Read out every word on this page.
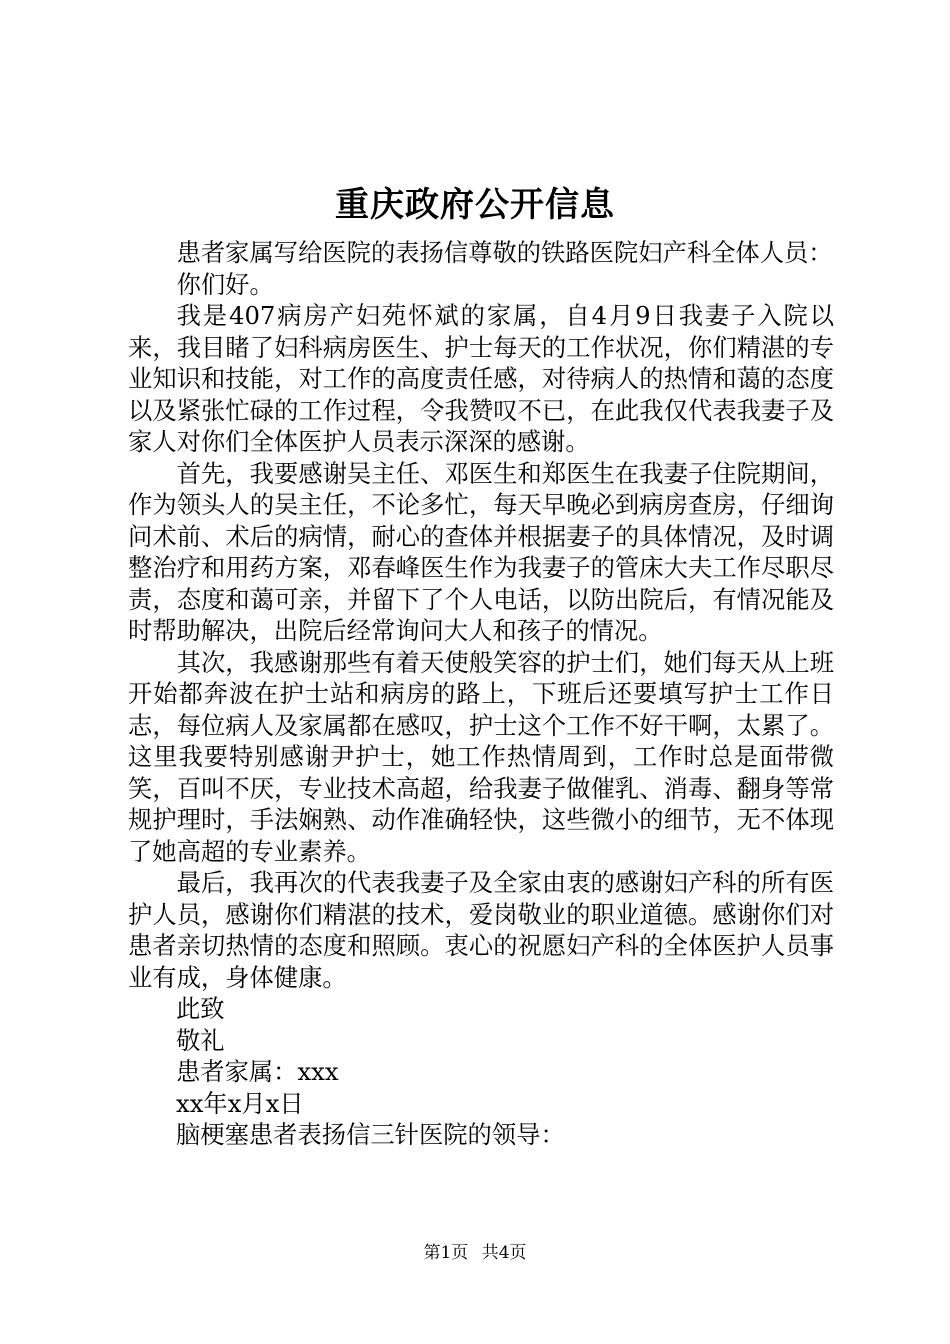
重庆政府公开信息

患者家属写给医院的表扬信尊敬的铁路医院妇产科全体人员：

你们好。

我是407病房产妇苑怀斌的家属，自4月9日我妻子入院以来，我目睹了妇科病房医生、护士每天的工作状况，你们精湛的专业知识和技能，对工作的高度责任感，对待病人的热情和蔼的态度以及紧张忙碌的工作过程，令我赞叹不已，在此我仅代表我妻子及家人对你们全体医护人员表示深深的感谢。

首先，我要感谢吴主任、邓医生和郑医生在我妻子住院期间，作为领头人的吴主任，不论多忙，每天早晚必到病房查房，仔细询问术前、术后的病情，耐心的查体并根据妻子的具体情况，及时调整治疗和用药方案，邓春峰医生作为我妻子的管床大夫工作尽职尽责，态度和蔼可亲，并留下了个人电话，以防出院后，有情况能及时帮助解决，出院后经常询问大人和孩子的情况。

其次，我感谢那些有着天使般笑容的护士们，她们每天从上班开始都奔波在护士站和病房的路上，下班后还要填写护士工作日志，每位病人及家属都在感叹，护士这个工作不好干啊，太累了。这里我要特别感谢尹护士，她工作热情周到，工作时总是面带微笑，百叫不厌，专业技术高超，给我妻子做催乳、消毒、翻身等常规护理时，手法娴熟、动作准确轻快，这些微小的细节，无不体现了她高超的专业素养。

最后，我再次的代表我妻子及全家由衷的感谢妇产科的所有医护人员，感谢你们精湛的技术，爱岗敬业的职业道德。感谢你们对患者亲切热情的态度和照顾。衷心的祝愿妇产科的全体医护人员事业有成，身体健康。

此致

敬礼

患者家属：xxx

xx年x月x日

脑梗塞患者表扬信三针医院的领导：

第1页 共4页
